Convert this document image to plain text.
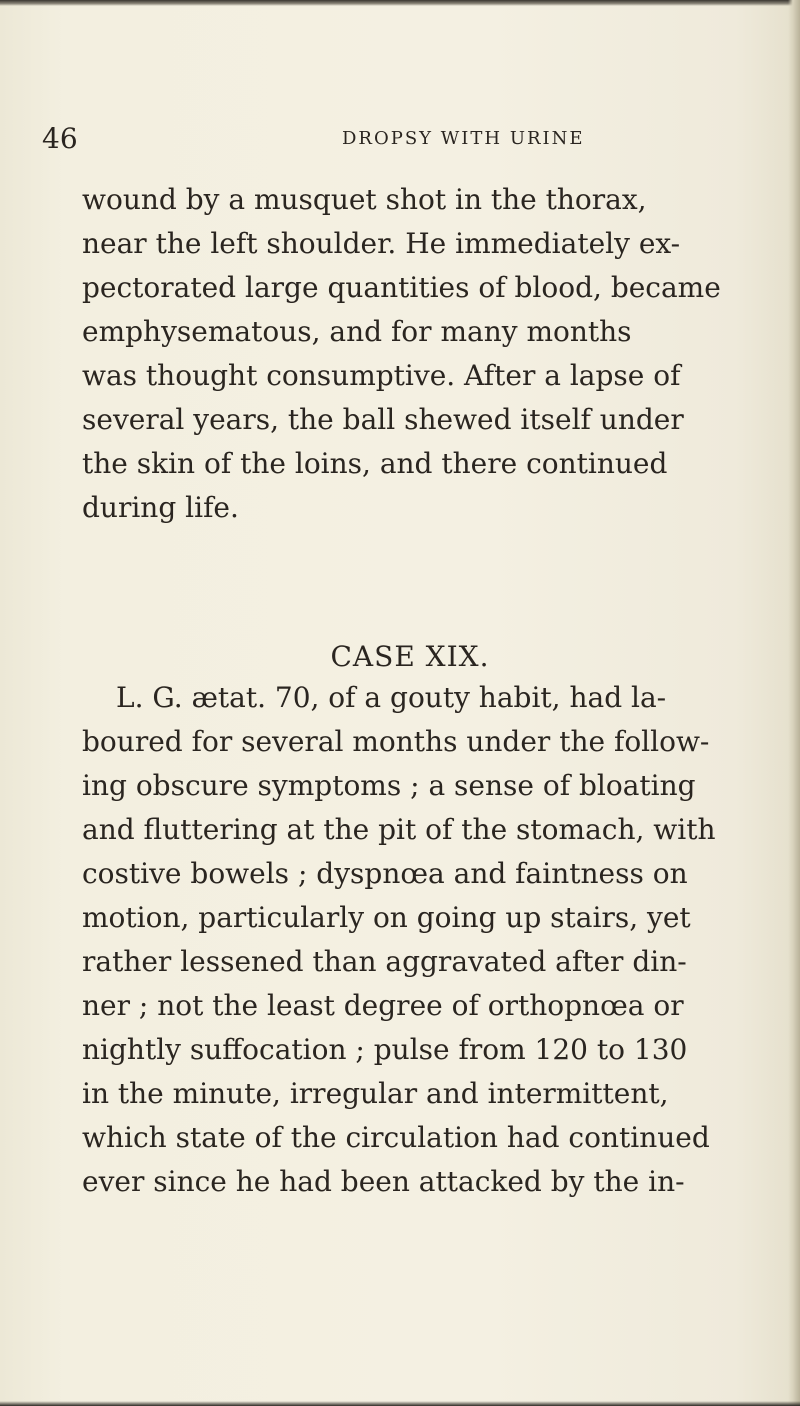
46	DROPSY WITH URINE
wound by a musquet shot in the thorax,
near the left shoulder. He immediately ex-
pectorated large quantities of blood, became
emphysematous, and for many months
was thought consumptive. After a lapse of
several years, the ball shewed itself under
the skin of the loins, and there continued
during life.
CASE XIX.
L. G. ætat. 70, of a gouty habit, had la-
boured for several months under the follow-
ing obscure symptoms ; a sense of bloating
and fluttering at the pit of the stomach, with
costive bowels ; dyspnœa and faintness on
motion, particularly on going up stairs, yet
rather lessened than aggravated after din-
ner ; not the least degree of orthopnœa or
nightly suffocation ; pulse from 120 to 130
in the minute, irregular and intermittent,
which state of the circulation had continued
ever since he had been attacked by the in-
